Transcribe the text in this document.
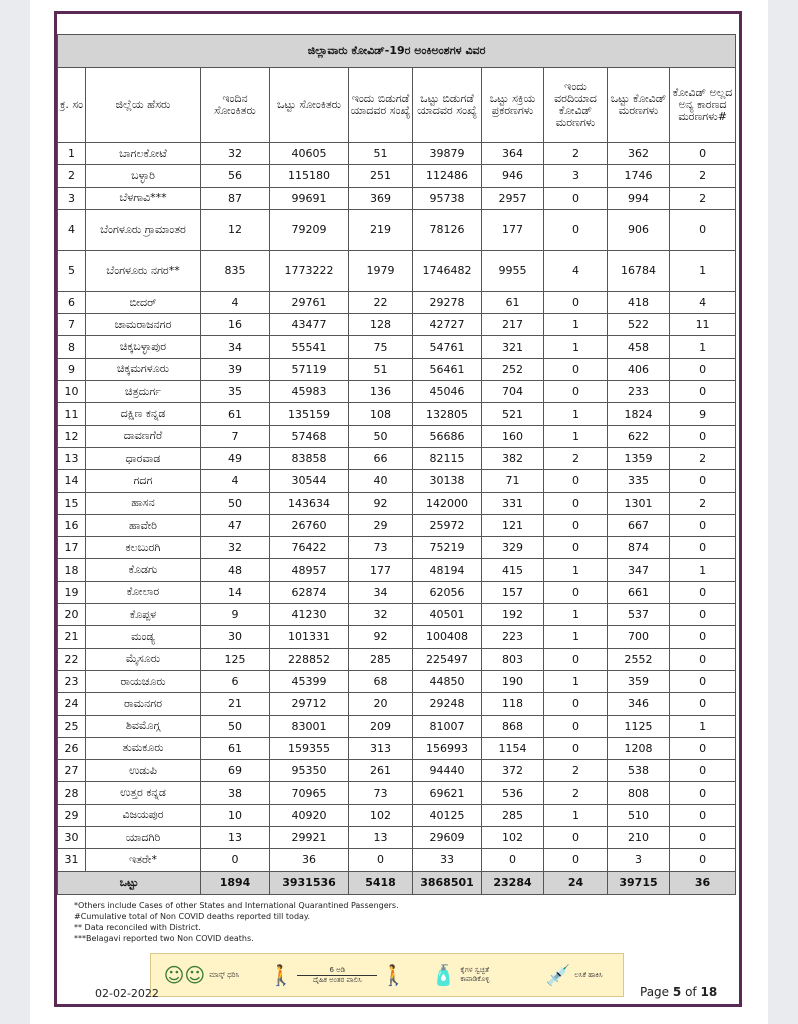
ಜಿಲ್ಲಾವಾರು ಕೋವಿಡ್-19ರ ಅಂಕಿಅಂಶಗಳ ವಿವರ									
ಕ್ರ. ಸಂ	ಜಿಲ್ಲೆಯ ಹೆಸರು	ಇಂದಿನ ಸೋಂಕಿತರು	ಒಟ್ಟು ಸೋಂಕಿತರು	ಇಂದು ಬಿಡುಗಡೆ ಯಾದವರ ಸಂಖ್ಯೆ	ಒಟ್ಟು ಬಿಡುಗಡೆ ಯಾದವರ ಸಂಖ್ಯೆ	ಒಟ್ಟು ಸಕ್ರಿಯ ಪ್ರಕರಣಗಳು	ಇಂದು ವರದಿಯಾದ ಕೋವಿಡ್ ಮರಣಗಳು	ಒಟ್ಟು ಕೋವಿಡ್ ಮರಣಗಳು	ಕೋವಿಡ್ ಅಲ್ಲದ ಅನ್ಯ ಕಾರಣದ ಮರಣಗಳು#
1	ಬಾಗಲಕೋಟೆ	32	40605	51	39879	364	2	362	0
2	ಬಳ್ಳಾರಿ	56	115180	251	112486	946	3	1746	2
3	ಬೆಳಗಾವಿ***	87	99691	369	95738	2957	0	994	2
4	ಬೆಂಗಳೂರು ಗ್ರಾಮಾಂತರ	12	79209	219	78126	177	0	906	0
5	ಬೆಂಗಳೂರು ನಗರ**	835	1773222	1979	1746482	9955	4	16784	1
6	ಬೀದರ್	4	29761	22	29278	61	0	418	4
7	ಚಾಮರಾಜನಗರ	16	43477	128	42727	217	1	522	11
8	ಚಿಕ್ಕಬಳ್ಳಾಪುರ	34	55541	75	54761	321	1	458	1
9	ಚಿಕ್ಕಮಗಳೂರು	39	57119	51	56461	252	0	406	0
10	ಚಿತ್ರದುರ್ಗ	35	45983	136	45046	704	0	233	0
11	ದಕ್ಷಿಣ ಕನ್ನಡ	61	135159	108	132805	521	1	1824	9
12	ದಾವಣಗೆರೆ	7	57468	50	56686	160	1	622	0
13	ಧಾರವಾಡ	49	83858	66	82115	382	2	1359	2
14	ಗದಗ	4	30544	40	30138	71	0	335	0
15	ಹಾಸನ	50	143634	92	142000	331	0	1301	2
16	ಹಾವೇರಿ	47	26760	29	25972	121	0	667	0
17	ಕಲಬುರಗಿ	32	76422	73	75219	329	0	874	0
18	ಕೊಡಗು	48	48957	177	48194	415	1	347	1
19	ಕೋಲಾರ	14	62874	34	62056	157	0	661	0
20	ಕೊಪ್ಪಳ	9	41230	32	40501	192	1	537	0
21	ಮಂಡ್ಯ	30	101331	92	100408	223	1	700	0
22	ಮೈಸೂರು	125	228852	285	225497	803	0	2552	0
23	ರಾಯಚೂರು	6	45399	68	44850	190	1	359	0
24	ರಾಮನಗರ	21	29712	20	29248	118	0	346	0
25	ಶಿವಮೊಗ್ಗ	50	83001	209	81007	868	0	1125	1
26	ತುಮಕೂರು	61	159355	313	156993	1154	0	1208	0
27	ಉಡುಪಿ	69	95350	261	94440	372	2	538	0
28	ಉತ್ತರ ಕನ್ನಡ	38	70965	73	69621	536	2	808	0
29	ವಿಜಯಪುರ	10	40920	102	40125	285	1	510	0
30	ಯಾದಗಿರಿ	13	29921	13	29609	102	0	210	0
31	ಇತರೇ*	0	36	0	33	0	0	3	0
ಒಟ್ಟು		1894	3931536	5418	3868501	23284	24	39715	36
*Others include Cases of other States and International Quarantined Passengers.
#Cumulative total of Non COVID deaths reported till today.
** Data reconciled with District.
***Belagavi reported two Non COVID deaths.
☺☺ ಮಾಸ್ಕ್ ಧರಿಸಿ 🚶	6 ಅಡಿ
ದೈಹಿಕ ಅಂತರ ಪಾಲಿಸಿ 🚶 🧴 ಕೈಗಳ ಸ್ವಚ್ಛತೆ ಕಾಪಾಡಿಕೊಳ್ಳಿ	💉 ಲಸಿಕೆ ಹಾಕಿಸಿ
02-02-2022	Page 5 of 18
